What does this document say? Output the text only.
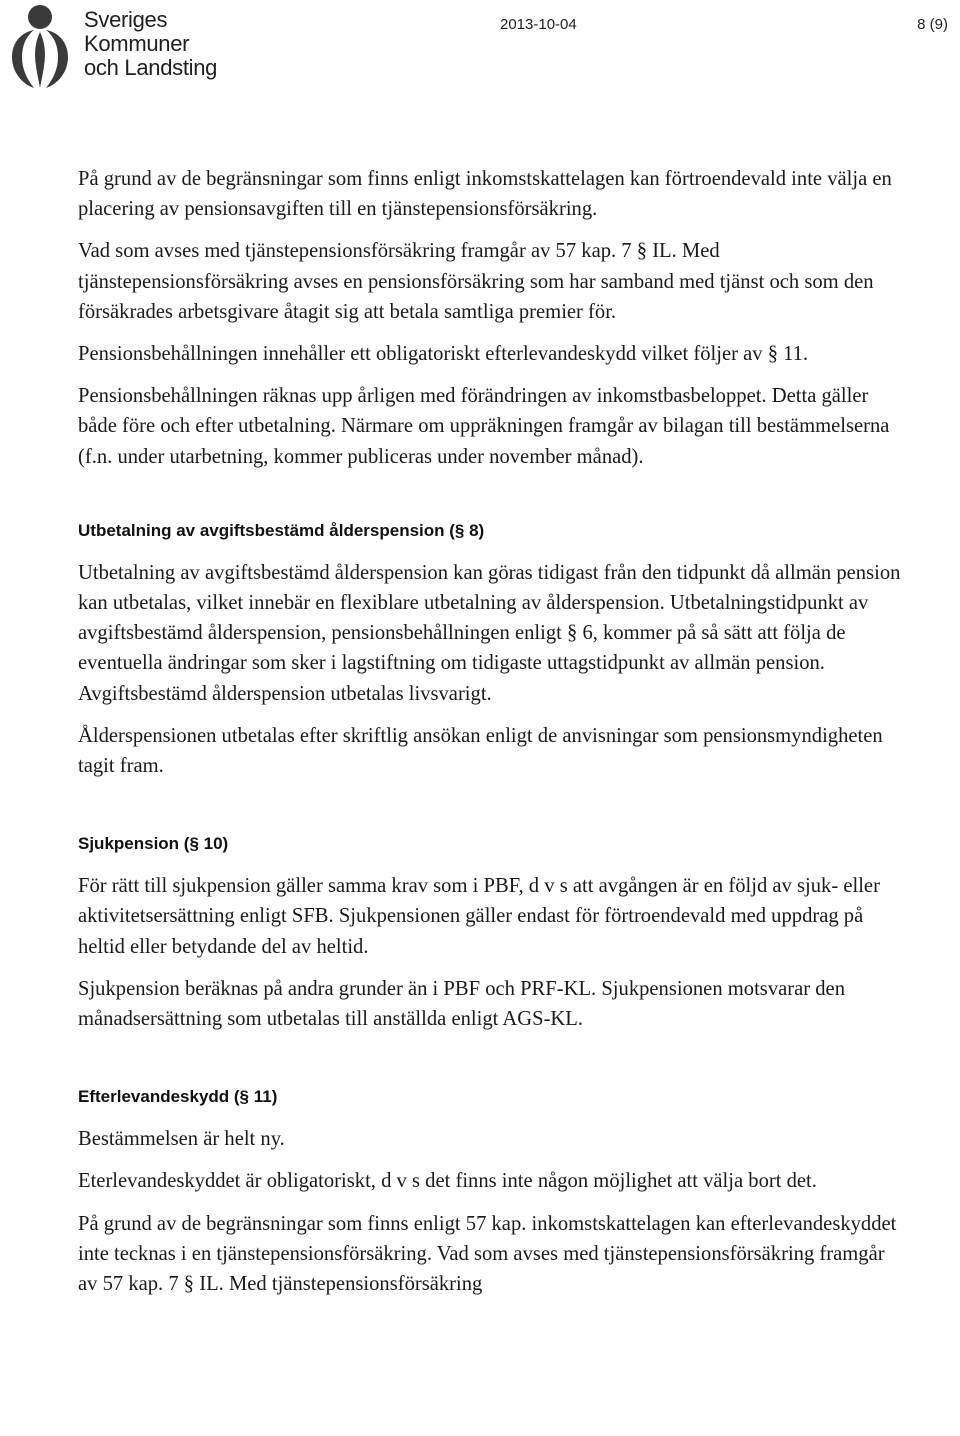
Sveriges
Kommuner
och Landsting
2013-10-04	8 (9)

På grund av de begränsningar som finns enligt inkomstskattelagen kan förtroendevald inte välja en placering av pensionsavgiften till en tjänstepensionsförsäkring.

Vad som avses med tjänstepensionsförsäkring framgår av 57 kap. 7 § IL. Med tjänstepensionsförsäkring avses en pensionsförsäkring som har samband med tjänst och som den försäkrades arbetsgivare åtagit sig att betala samtliga premier för.

Pensionsbehållningen innehåller ett obligatoriskt efterlevandeskydd vilket följer av § 11.

Pensionsbehållningen räknas upp årligen med förändringen av inkomstbasbeloppet. Detta gäller både före och efter utbetalning. Närmare om uppräkningen framgår av bilagan till bestämmelserna (f.n. under utarbetning, kommer publiceras under november månad).

Utbetalning av avgiftsbestämd ålderspension (§ 8)

Utbetalning av avgiftsbestämd ålderspension kan göras tidigast från den tidpunkt då allmän pension kan utbetalas, vilket innebär en flexiblare utbetalning av ålderspension. Utbetalningstidpunkt av avgiftsbestämd ålderspension, pensionsbehållningen enligt § 6, kommer på så sätt att följa de eventuella ändringar som sker i lagstiftning om tidigaste uttagstidpunkt av allmän pension. Avgiftsbestämd ålderspension utbetalas livsvarigt.

Ålderspensionen utbetalas efter skriftlig ansökan enligt de anvisningar som pensionsmyndigheten tagit fram.

Sjukpension (§ 10)

För rätt till sjukpension gäller samma krav som i PBF, d v s att avgången är en följd av sjuk- eller aktivitetsersättning enligt SFB. Sjukpensionen gäller endast för förtroendevald med uppdrag på heltid eller betydande del av heltid.

Sjukpension beräknas på andra grunder än i PBF och PRF-KL. Sjukpensionen motsvarar den månadsersättning som utbetalas till anställda enligt AGS-KL.

Efterlevandeskydd (§ 11)

Bestämmelsen är helt ny.

Eterlevandeskyddet är obligatoriskt, d v s det finns inte någon möjlighet att välja bort det.

På grund av de begränsningar som finns enligt 57 kap. inkomstskattelagen kan efterlevandeskyddet inte tecknas i en tjänstepensionsförsäkring. Vad som avses med tjänstepensionsförsäkring framgår av 57 kap. 7 § IL. Med tjänstepensionsförsäkring
